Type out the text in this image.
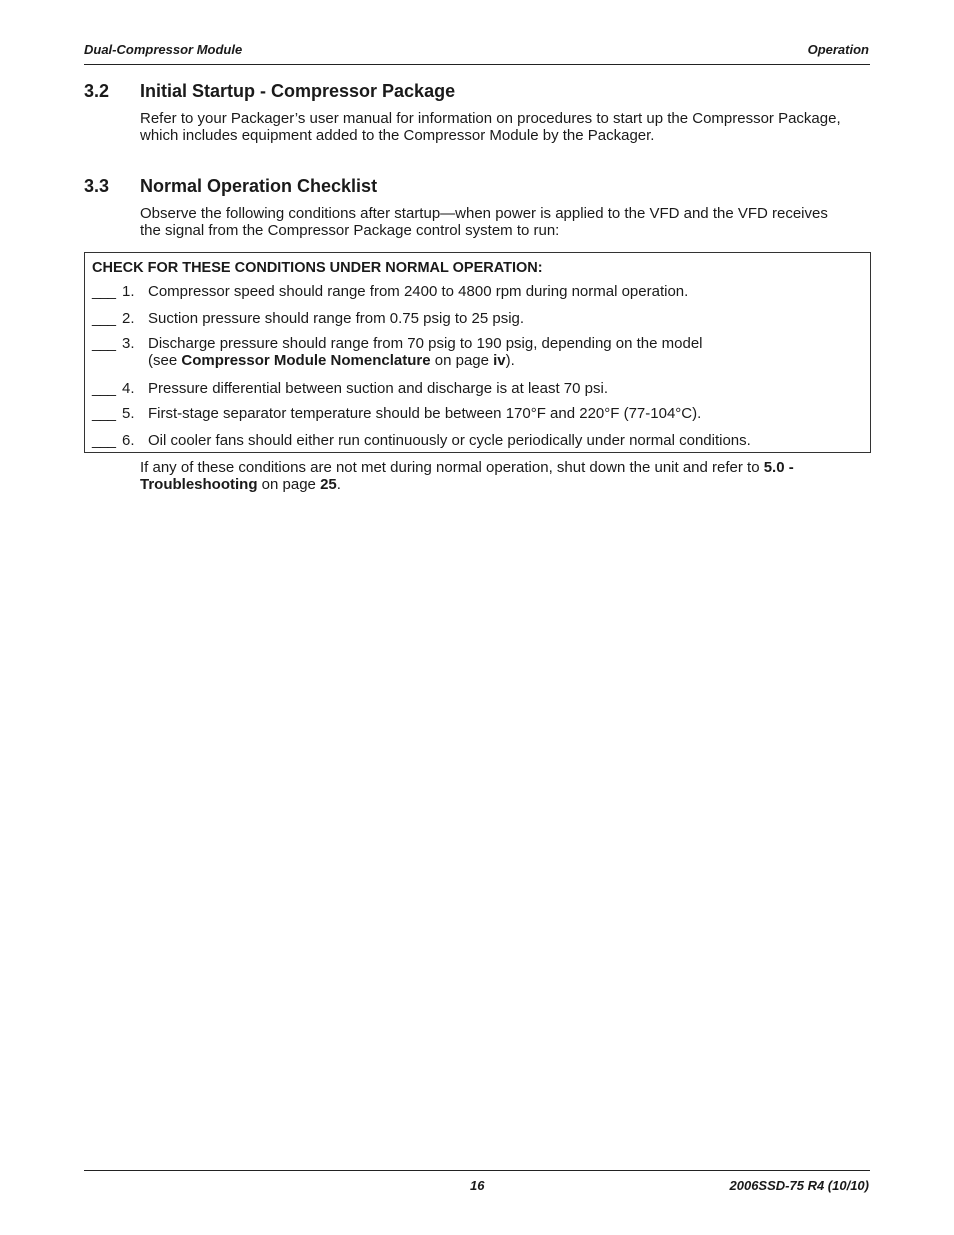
Dual-Compressor Module	Operation
3.2 Initial Startup - Compressor Package
Refer to your Packager’s user manual for information on procedures to start up the Compressor Package,
which includes equipment added to the Compressor Module by the Packager.
3.3 Normal Operation Checklist
Observe the following conditions after startup—when power is applied to the VFD and the VFD receives
the signal from the Compressor Package control system to run:
CHECK FOR THESE CONDITIONS UNDER NORMAL OPERATION:
___ 1. Compressor speed should range from 2400 to 4800 rpm during normal operation.
___ 2. Suction pressure should range from 0.75 psig to 25 psig.
___ 3. Discharge pressure should range from 70 psig to 190 psig, depending on the model
(see Compressor Module Nomenclature on page iv).
___ 4. Pressure differential between suction and discharge is at least 70 psi.
___ 5. First-stage separator temperature should be between 170°F and 220°F (77-104°C).
___ 6. Oil cooler fans should either run continuously or cycle periodically under normal conditions.
If any of these conditions are not met during normal operation, shut down the unit and refer to 5.0 -
Troubleshooting on page 25.
16	2006SSD-75 R4 (10/10)
